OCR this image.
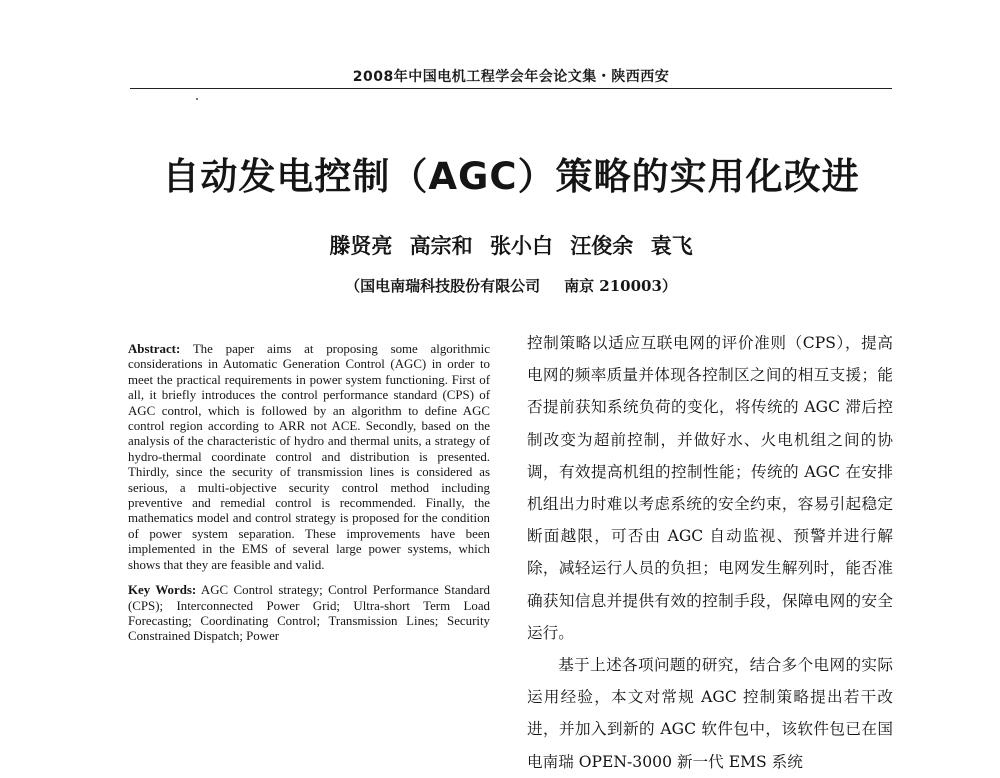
2008年中国电机工程学会年会论文集・陕西西安
自动发电控制（AGC）策略的实用化改进
滕贤亮 高宗和 张小白 汪俊余 袁飞
（国电南瑞科技股份有限公司 南京 210003）

Abstract: The paper aims at proposing some algorithmic considerations in Automatic Generation Control (AGC) in order to meet the practical requirements in power system functioning. First of all, it briefly introduces the control performance standard (CPS) of AGC control, which is followed by an algorithm to define AGC control region according to ARR not ACE. Secondly, based on the analysis of the characteristic of hydro and thermal units, a strategy of hydro-thermal coordinate control and distribution is presented. Thirdly, since the security of transmission lines is considered as serious, a multi-objective security control method including preventive and remedial control is recommended. Finally, the mathematics model and control strategy is proposed for the condition of power system separation. These improvements have been implemented in the EMS of several large power systems, which shows that they are feasible and valid.

Key Words: AGC Control strategy; Control Performance Standard (CPS); Interconnected Power Grid; Ultra-short Term Load Forecasting; Coordinating Control; Transmission Lines; Security Constrained Dispatch; Power

控制策略以适应互联电网的评价准则（CPS），提高电网的频率质量并体现各控制区之间的相互支援；能否提前获知系统负荷的变化，将传统的 AGC 滞后控制改变为超前控制，并做好水、火电机组之间的协调，有效提高机组的控制性能；传统的 AGC 在安排机组出力时难以考虑系统的安全约束，容易引起稳定断面越限，可否由 AGC 自动监视、预警并进行解除，减轻运行人员的负担；电网发生解列时，能否准确获知信息并提供有效的控制手段，保障电网的安全运行。

基于上述各项问题的研究，结合多个电网的实际运用经验，本文对常规 AGC 控制策略提出若干改进，并加入到新的 AGC 软件包中，该软件包已在国电南瑞 OPEN-3000 新一代 EMS 系统
